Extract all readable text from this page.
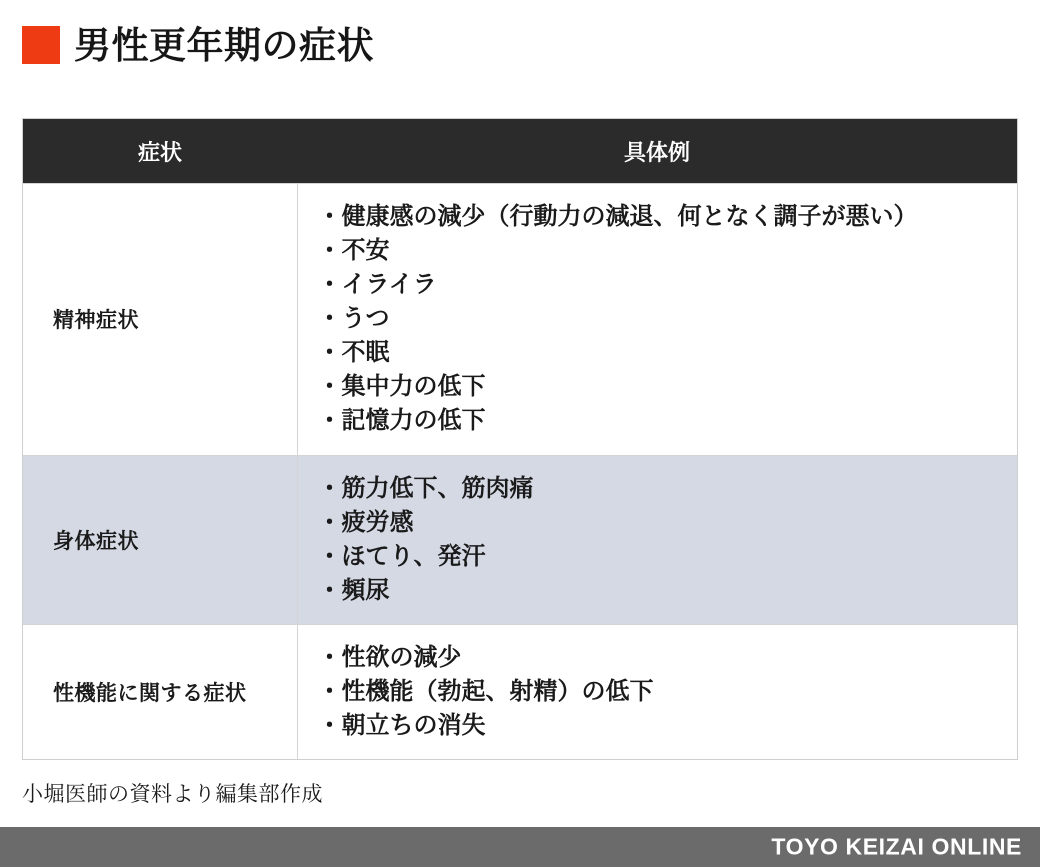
男性更年期の症状
症状	具体例
精神症状	
・ 健康感の減少（行動力の減退、何となく調子が悪い）
・ 不安
・ イライラ
・ うつ
・ 不眠
・ 集中力の低下
・ 記憶力の低下

身体症状	
・ 筋力低下、筋肉痛
・ 疲労感
・ ほてり、発汗
・ 頻尿

性機能に関する症状	
・ 性欲の減少
・ 性機能（勃起、射精）の低下
・ 朝立ちの消失
小堀医師の資料より編集部作成
TOYO KEIZAI ONLINE
